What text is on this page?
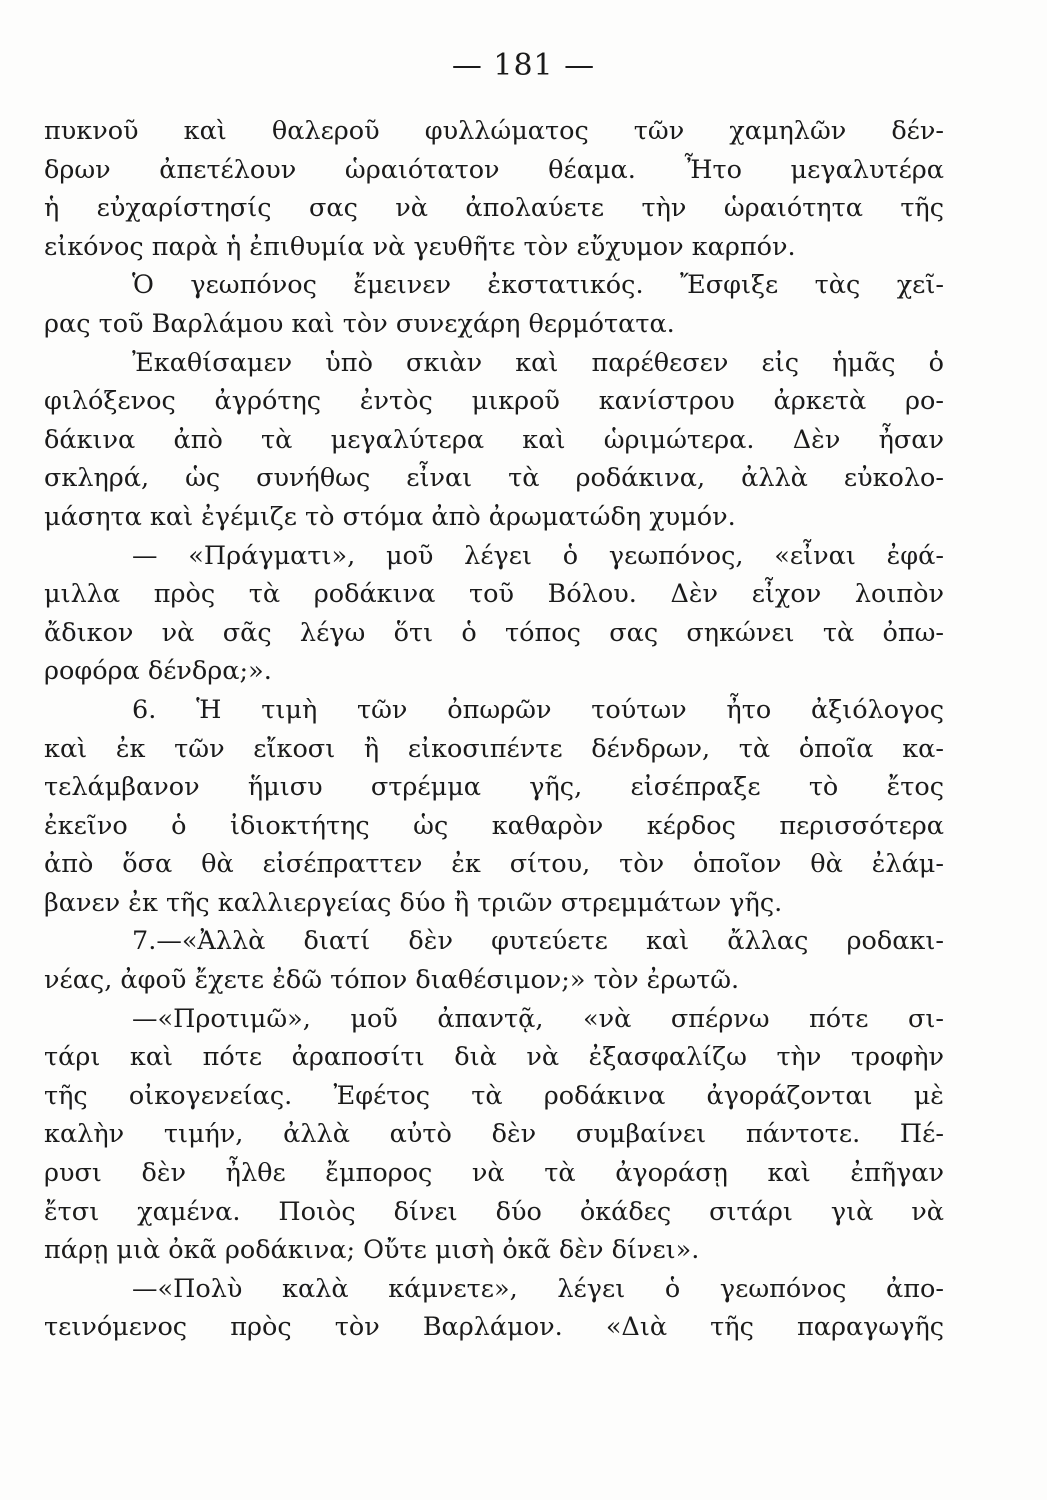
— 181 —
πυκνοῦ καὶ θαλεροῦ φυλλώματος τῶν χαμηλῶν δέν-
δρων ἀπετέλουν ὡραιότατον θέαμα. Ἦτο μεγαλυτέρα
ἡ εὐχαρίστησίς σας νὰ ἀπολαύετε τὴν ὡραιότητα τῆς
εἰκόνος παρὰ ἡ ἐπιθυμία νὰ γευθῆτε τὸν εὔχυμον καρπόν.
Ὁ γεωπόνος ἔμεινεν ἐκστατικός. Ἔσφιξε τὰς χεῖ-
ρας τοῦ Βαρλάμου καὶ τὸν συνεχάρη θερμότατα.
Ἐκαθίσαμεν ὑπὸ σκιὰν καὶ παρέθεσεν εἰς ἡμᾶς ὁ
φιλόξενος ἀγρότης ἐντὸς μικροῦ κανίστρου ἀρκετὰ ρο-
δάκινα ἀπὸ τὰ μεγαλύτερα καὶ ὡριμώτερα. Δὲν ἦσαν
σκληρά, ὡς συνήθως εἶναι τὰ ροδάκινα, ἀλλὰ εὐκολο-
μάσητα καὶ ἐγέμιζε τὸ στόμα ἀπὸ ἀρωματώδη χυμόν.
— «Πράγματι», μοῦ λέγει ὁ γεωπόνος, «εἶναι ἐφά-
μιλλα πρὸς τὰ ροδάκινα τοῦ Βόλου. Δὲν εἶχον λοιπὸν
ἄδικον νὰ σᾶς λέγω ὅτι ὁ τόπος σας σηκώνει τὰ ὀπω-
ροφόρα δένδρα;».
6. Ἡ τιμὴ τῶν ὀπωρῶν τούτων ἦτο ἀξιόλογος
καὶ ἐκ τῶν εἴκοσι ἢ εἰκοσιπέντε δένδρων, τὰ ὁποῖα κα-
τελάμβανον ἥμισυ στρέμμα γῆς, εἰσέπραξε τὸ ἔτος
ἐκεῖνο ὁ ἰδιοκτήτης ὡς καθαρὸν κέρδος περισσότερα
ἀπὸ ὅσα θὰ εἰσέπραττεν ἐκ σίτου, τὸν ὁποῖον θὰ ἐλάμ-
βανεν ἐκ τῆς καλλιεργείας δύο ἢ τριῶν στρεμμάτων γῆς.
7.—«Ἀλλὰ διατί δὲν φυτεύετε καὶ ἄλλας ροδακι-
νέας, ἀφοῦ ἔχετε ἐδῶ τόπον διαθέσιμον;» τὸν ἐρωτῶ.
—«Προτιμῶ», μοῦ ἀπαντᾷ, «νὰ σπέρνω πότε σι-
τάρι καὶ πότε ἀραποσίτι διὰ νὰ ἐξασφαλίζω τὴν τροφὴν
τῆς οἰκογενείας. Ἐφέτος τὰ ροδάκινα ἀγοράζονται μὲ
καλὴν τιμήν, ἀλλὰ αὐτὸ δὲν συμβαίνει πάντοτε. Πέ-
ρυσι δὲν ἦλθε ἔμπορος νὰ τὰ ἀγοράσῃ καὶ ἐπῆγαν
ἔτσι χαμένα. Ποιὸς δίνει δύο ὀκάδες σιτάρι γιὰ νὰ
πάρῃ μιὰ ὀκᾶ ροδάκινα; Οὔτε μισὴ ὀκᾶ δὲν δίνει».
—«Πολὺ καλὰ κάμνετε», λέγει ὁ γεωπόνος ἀπο-
τεινόμενος πρὸς τὸν Βαρλάμον. «Διὰ τῆς παραγωγῆς
